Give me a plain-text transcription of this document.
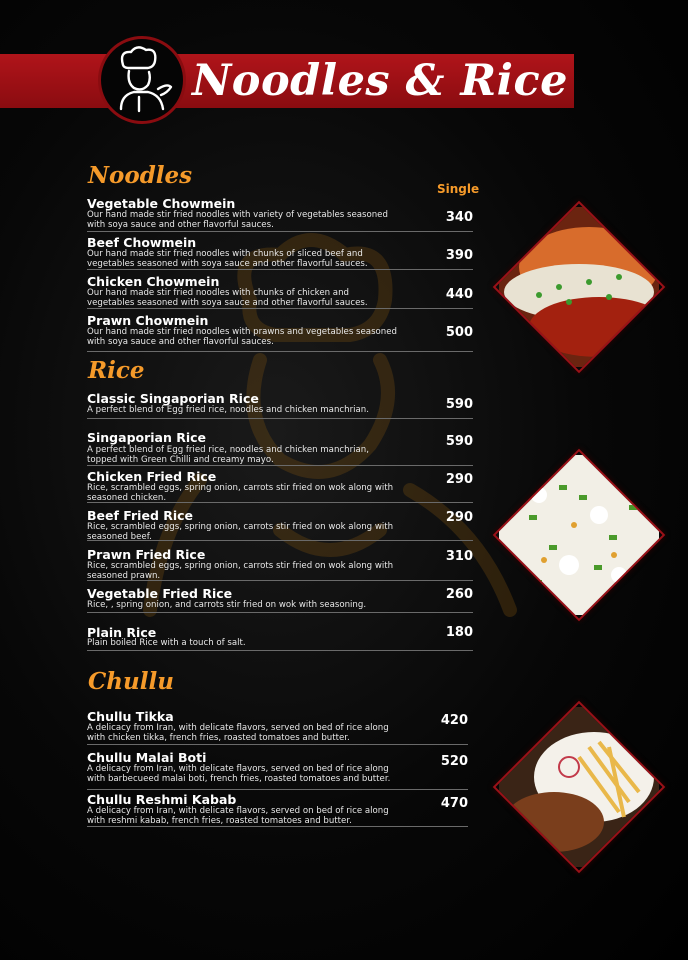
Noodles & Rice
Single
Noodles
Vegetable Chowmein
Our hand made stir fried noodles with variety of vegetables seasoned with soya sauce and other flavorful sauces.	340
Beef Chowmein
Our hand made stir fried noodles with chunks of sliced beef and vegetables seasoned with soya sauce and other flavorful sauces.
390
Chicken Chowmein
Our hand made stir fried noodles with chunks of chicken and vegetables seasoned with soya sauce and other flavorful sauces.
440
Prawn Chowmein
Our hand made stir fried noodles with prawns and vegetables seasoned with soya sauce and other flavorful sauces.
500
Rice
Classic Singaporian Rice
A perfect blend of Egg fried rice, noodles and chicken manchrian.	590
Singaporian Rice
A perfect blend of Egg fried rice, noodles and chicken manchrian, topped with Green Chilli and creamy mayo.
590
Chicken Fried Rice
Rice, scrambled eggs, spring onion, carrots stir fried on wok along with seasoned chicken.
290
Beef Fried Rice
Rice, scrambled eggs, spring onion, carrots stir fried on wok along with seasoned beef.
290
Prawn Fried Rice
Rice, scrambled eggs, spring onion, carrots stir fried on wok along with seasoned prawn.
310
Vegetable Fried Rice
Rice, , spring onion, and carrots stir fried on wok with seasoning.
260
Plain Rice
Plain boiled Rice with a touch of salt.
180
Chullu
Chullu Tikka
A delicacy from Iran, with delicate flavors, served on bed of rice along with chicken tikka, french fries, roasted tomatoes and butter.
420
Chullu Malai Boti
A delicacy from Iran, with delicate flavors, served on bed of rice along with barbecueed malai boti, french fries, roasted tomatoes and butter.
520
Chullu Reshmi Kabab
A delicacy from Iran, with delicate flavors, served on bed of rice along with reshmi kabab, french fries, roasted tomatoes and butter.
470
